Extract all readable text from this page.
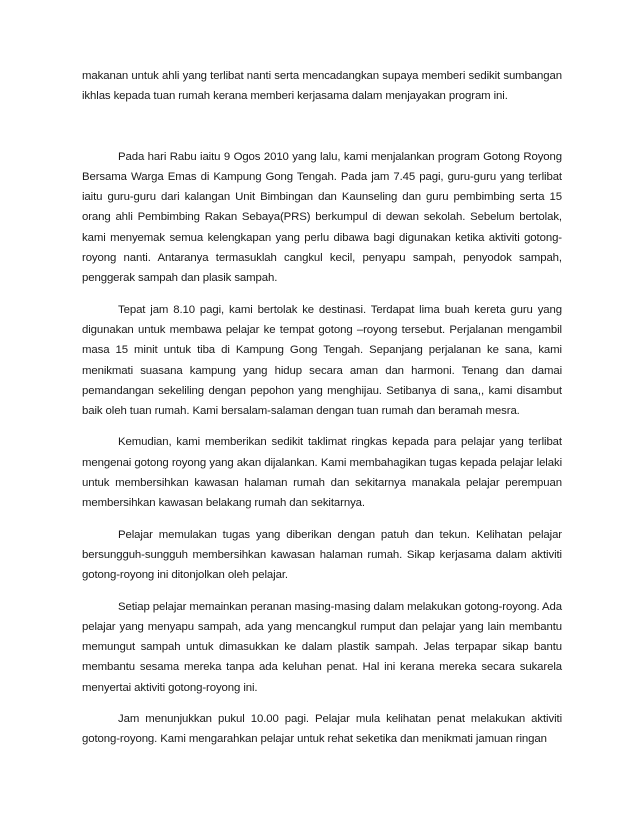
makanan untuk ahli yang terlibat nanti serta mencadangkan supaya memberi sedikit sumbangan ikhlas kepada tuan rumah kerana memberi kerjasama dalam menjayakan program ini.

Pada hari Rabu iaitu 9 Ogos 2010 yang lalu, kami menjalankan program Gotong Royong Bersama Warga Emas di Kampung Gong Tengah. Pada jam 7.45 pagi, guru-guru yang terlibat iaitu guru-guru dari kalangan Unit Bimbingan dan Kaunseling dan guru pembimbing serta 15 orang ahli Pembimbing Rakan Sebaya(PRS) berkumpul di dewan sekolah. Sebelum bertolak, kami menyemak semua kelengkapan yang perlu dibawa bagi digunakan ketika aktiviti gotong-royong nanti. Antaranya termasuklah cangkul kecil, penyapu sampah, penyodok sampah, penggerak sampah dan plasik sampah.

Tepat jam 8.10 pagi, kami bertolak ke destinasi. Terdapat lima buah kereta guru yang digunakan untuk membawa pelajar ke tempat gotong –royong tersebut. Perjalanan mengambil masa 15 minit untuk tiba di Kampung Gong Tengah. Sepanjang perjalanan ke sana, kami menikmati suasana kampung yang hidup secara aman dan harmoni. Tenang dan damai pemandangan sekeliling dengan pepohon yang menghijau. Setibanya di sana,, kami disambut baik oleh tuan rumah. Kami bersalam-salaman dengan tuan rumah dan beramah mesra.

Kemudian, kami memberikan sedikit taklimat ringkas kepada para pelajar yang terlibat mengenai gotong royong yang akan dijalankan. Kami membahagikan tugas kepada pelajar lelaki untuk membersihkan kawasan halaman rumah dan sekitarnya manakala pelajar perempuan membersihkan kawasan belakang rumah dan sekitarnya.

Pelajar memulakan tugas yang diberikan dengan patuh dan tekun. Kelihatan pelajar bersungguh-sungguh membersihkan kawasan halaman rumah. Sikap kerjasama dalam aktiviti gotong-royong ini ditonjolkan oleh pelajar.

Setiap pelajar memainkan peranan masing-masing dalam melakukan gotong-royong. Ada pelajar yang menyapu sampah, ada yang mencangkul rumput dan pelajar yang lain membantu memungut sampah untuk dimasukkan ke dalam plastik sampah. Jelas terpapar sikap bantu membantu sesama mereka tanpa ada keluhan penat. Hal ini kerana mereka secara sukarela menyertai aktiviti gotong-royong ini.

Jam menunjukkan pukul 10.00 pagi. Pelajar mula kelihatan penat melakukan aktiviti gotong-royong. Kami mengarahkan pelajar untuk rehat seketika dan menikmati jamuan ringan
